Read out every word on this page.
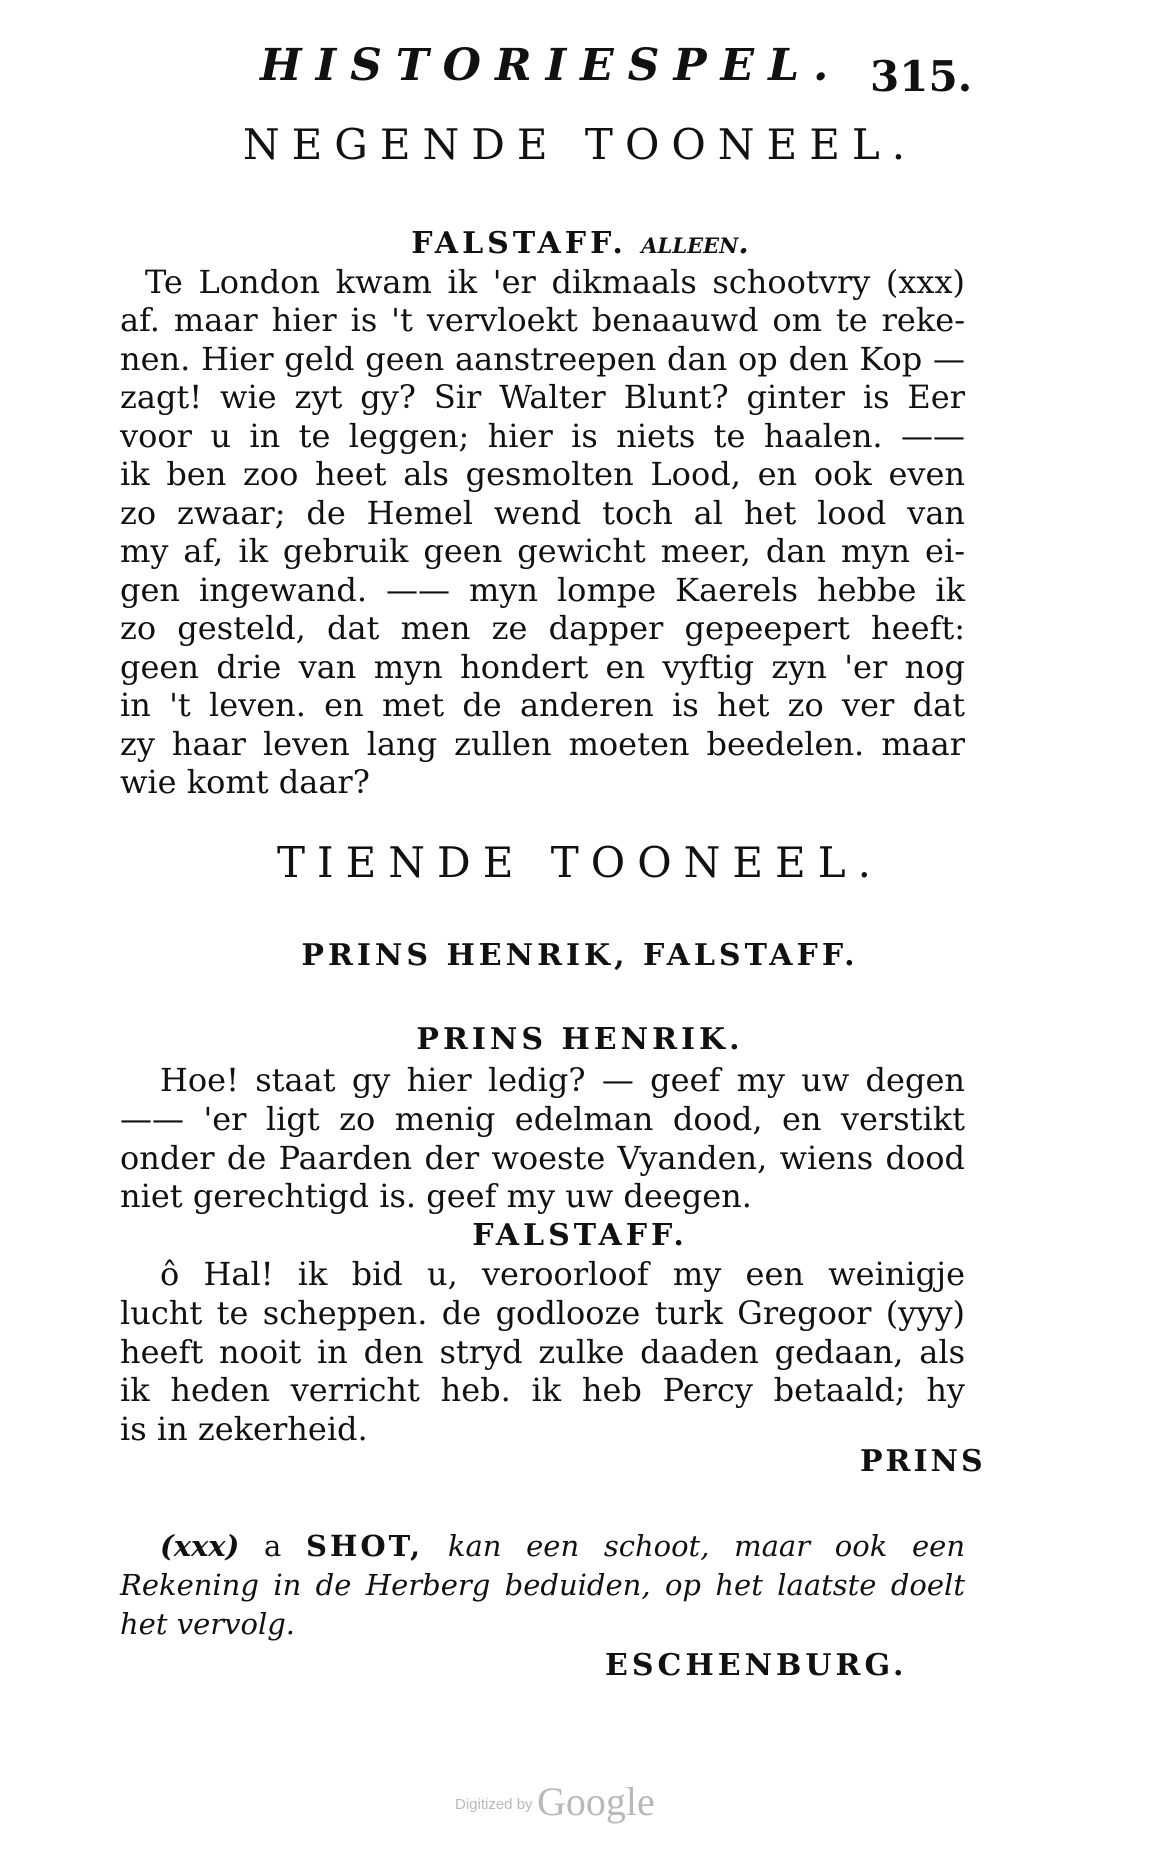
HISTORIESPEL. 315.
NEGENDE TOONEEL.
FALSTAFF. alleen.
Te London kwam ik 'er dikmaals schootvry (xxx)
af. maar hier is 't vervloekt benaauwd om te reke-
nen. Hier geld geen aanstreepen dan op den Kop —
zagt! wie zyt gy? Sir Walter Blunt? ginter is Eer
voor u in te leggen; hier is niets te haalen. ——
ik ben zoo heet als gesmolten Lood, en ook even
zo zwaar; de Hemel wend toch al het lood van
my af, ik gebruik geen gewicht meer, dan myn ei-
gen ingewand. —— myn lompe Kaerels hebbe ik
zo gesteld, dat men ze dapper gepeepert heeft:
geen drie van myn hondert en vyftig zyn 'er nog
in 't leven. en met de anderen is het zo ver dat
zy haar leven lang zullen moeten beedelen. maar
wie komt daar?
TIENDE TOONEEL.
PRINS HENRIK, FALSTAFF.
PRINS HENRIK.
Hoe! staat gy hier ledig? — geef my uw degen
—— 'er ligt zo menig edelman dood, en verstikt
onder de Paarden der woeste Vyanden, wiens dood
niet gerechtigd is. geef my uw deegen.
FALSTAFF.
ô Hal! ik bid u, veroorloof my een weinigje
lucht te scheppen. de godlooze turk Gregoor (yyy)
heeft nooit in den stryd zulke daaden gedaan, als
ik heden verricht heb. ik heb Percy betaald; hy
is in zekerheid.
PRINS
(xxx) a SHOT, kan een schoot, maar ook een
Rekening in de Herberg beduiden, op het laatste doelt
het vervolg.
ESCHENBURG.
Digitized by Google
